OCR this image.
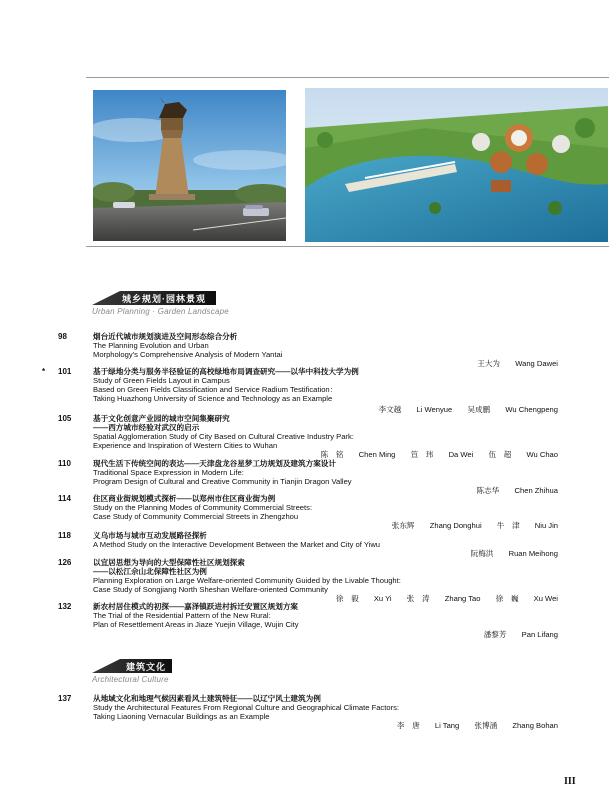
城乡规划·园林景观
Urban Planning · Garden Landscape
98	烟台近代城市规划演进及空间形态综合分析
The Planning Evolution and Urban
Morphology's Comprehensive Analysis of Modern Yantai
王大为　　Wang Dawei
* 101	基于绿地分类与服务半径验证的高校绿地布局调查研究——以华中科技大学为例
Study of Green Fields Layout in Campus
Based on Green Fields Classification and Service Radium Testification：
Taking Huazhong University of Science and Technology as an Example
李文越　　Li Wenyue　　吴成鹏　　Wu Chengpeng
105	基于文化创意产业园的城市空间集聚研究
——西方城市经验对武汉的启示
Spatial Agglomeration Study of City Based on Cultural Creative Industry Park:
Experience and Inspiration of Western Cities to Wuhan
陈　铭　　Chen Ming　　笪　玮　　Da Wei　　伍　超　　Wu Chao
110	现代生活下传统空间的表达——天津盘龙谷星梦工坊规划及建筑方案设计
Traditional Space Expression in Modern Life:
Program Design of Cultural and Creative Community in Tianjin Dragon Valley
陈志华　　Chen Zhihua
114	住区商业街规划模式探析——以郑州市住区商业街为例
Study on the Planning Modes of Community Commercial Streets:
Case Study of Community Commercial Streets in Zhengzhou
张东辉　　Zhang Donghui　　牛　津　　Niu Jin
118	义乌市场与城市互动发展路径探析
A Method Study on the Interactive Development Between the Market and City of Yiwu
阮梅洪　　Ruan Meihong
126	以宜居思想为导向的大型保障性社区规划探索
——以松江佘山北保障性社区为例
Planning Exploration on Large Welfare-oriented Community Guided by the Livable Thought:
Case Study of Songjiang North Sheshan Welfare-oriented Community
徐　毅　　Xu Yi　　张　涛　　Zhang Tao　　徐　巍　　Xu Wei
132	新农村居住模式的初探——嘉泽镇跃进村拆迁安置区规划方案
The Trial of the Residential Pattern of the New Rural:
Plan of Resettlement Areas in Jiaze Yuejin Village, Wujin City
潘黎芳　　Pan Lifang
建筑文化
Architectural Culture
137	从地域文化和地理气候因素看风土建筑特征——以辽宁风土建筑为例
Study the Architectural Features From Regional Culture and Geographical Climate Factors:
Taking Liaoning Vernacular Buildings as an Example
李　唐　　Li Tang　　张博涵　　Zhang Bohan
III
